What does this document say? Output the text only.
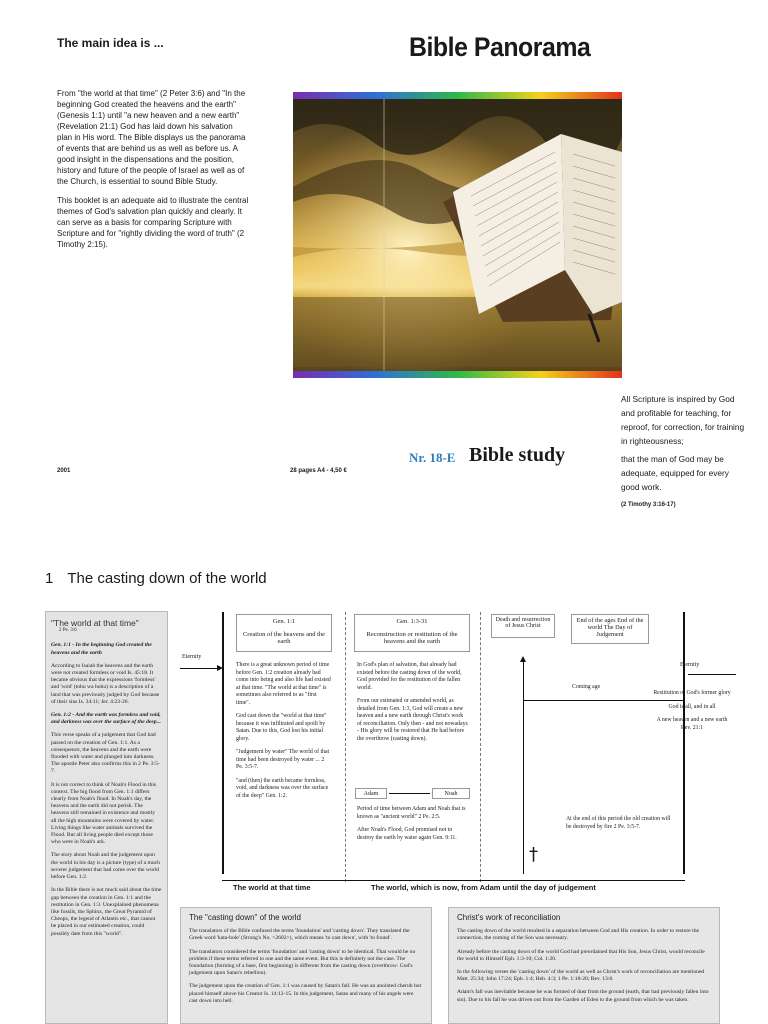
The main idea is ...	Bible Panorama

From "the world at that time" (2 Peter 3:6) and "In the beginning God created the heavens and the earth" (Genesis 1:1) until "a new heaven and a new earth" (Revelation 21:1) God has laid down his salvation plan in His word. The Bible displays us the panorama of events that are behind us as well as before us. A good insight in the dispensations and the position, history and future of the people of Israel as well as of the Church, is essential to sound Bible Study.

This booklet is an adequate aid to illustrate the central themes of God's salvation plan quickly and clearly. It can serve as a basis for comparing Scripture with Scripture and for "rightly dividing the word of truth" (2 Timothy 2:15).

All Scripture is inspired by God and profitable for teaching, for reproof, for correction, for training in righteousness;

that the man of God may be adequate, equipped for every good work.

(2 Timothy 3:16-17)
Nr. 18-E Bible study
2001	28 pages A4 - 4,50 €
1 The casting down of the world
"The world at that time"
2 Pe. 3:6

Gen. 1:1 - In the beginning God created the heavens and the earth

According to Isaiah the heavens and the earth were not created formless or void Is. 45:18. It became obvious that the expressions 'formless' and 'void' (tohu wa bohu) is a description of a land that was previously judged by God because of their sins Is. 34:11; Jer. 4:23-26.

Gen. 1:2 - And the earth was formless and void, and darkness was over the surface of the deep...

This verse speaks of a judgement that God had passed on the creation of Gen. 1:1. As a consequence, the heavens and the earth were flooded with water and plunged into darkness. The apostle Peter also confirms this in 2 Pe. 3:5-7.

It is not correct to think of Noah's Flood in this context. The big flood from Gen. 1:1 differs clearly from Noah's flood. In Noah's day, the heavens and the earth did not perish. The heavens still remained in existence and mostly all the high mountains were covered by water. Living things like water animals survived the Flood. But all living people died except those who were in Noah's ark.

The story about Noah and the judgement upon the world in his day is a picture (type) of a much severer judgement that had come over the world before Gen. 1:2.

In the Bible there is not much said about the time gap between the creation in Gen. 1:1 and the restitution in Gen. 1:3. Unexplained phenomena like fossils, the Sphinx, the Great Pyramid of Cheops, the legend of Atlantis etc., that cannot be placed in our estimated creation, could possibly date from this "world".

Eternity
Gen. 1:1
Creation of the heavens and the earth
Gen. 1:3-31
Reconstruction or restitution of the heavens and the earth
Death and resurrection of Jesus Christ
End of the ages End of the world The Day of Judgement

There is a great unknown period of time before Gen. 1:2 creation already had come into being and also life had existed at that time. "The world at that time" is sometimes also referred to as "first time".

God cast down the "world at that time" because it was infiltrated and spoilt by Satan. Due to this, God lost his initial glory.

"Judgement by water" The world of that time had been destroyed by water ... 2 Pe. 3:5-7.

"and (then) the earth became formless, void, and darkness was over the surface of the deep" Gen. 1:2.

In God's plan of salvation, that already had existed before the casting down of the world, God provided for the restitution of the fallen world.

From our estimated or amended world, as detailed from Gen. 1:3, God will create a new heaven and a new earth through Christ's work of reconciliation. Only then - and not nowadays - His glory will be restored that He had before the overthrow (casting down).

Adam	Noah

Period of time between Adam and Noah that is known as "ancient world" 2 Pe. 2:5.

After Noah's Flood, God promised not to destroy the earth by water again Gen. 9:11.

Coming age
At the end of this period the old creation will be destroyed by fire 2 Pe. 3:5-7.
†
Eternity

Restitution of God's former glory

God is all, and in all

A new heaven and a new earth Rev. 21:1

The world at that time	The world, which is now, from Adam until the day of judgement
The "casting down" of the world

The translators of the Bible confused the terms 'foundation' and 'casting down'. They translated the Greek word 'kata-bole' (Strong's No. <2602>), which means 'to cast down', with 'to found'.

The translators considered the terms 'foundation' and 'casting down' to be identical. That would be no problem if these terms referred to one and the same event. But this is definitely not the case. The foundation (forming of a base, first beginning) is different from the casting down (overthrow: God's judgement upon Satan's rebellion).

The judgement upon the creation of Gen. 1:1 was caused by Satan's fall. He was an anointed cherub but placed himself above his Creator Is. 14:12-15. In this judgement, Satan and many of his angels were cast down into hell.

Christ's work of reconciliation

The casting down of the world resulted in a separation between God and His creation. In order to restore the connection, the coming of the Son was necessary.

Already before the casting down of the world God had preordained that His Son, Jesus Christ, would reconcile the world to Himself Eph. 1:3-10; Col. 1:20.

In the following verses the 'casting down' of the world as well as Christ's work of reconciliation are mentioned Matt. 25:34; John 17:24; Eph. 1:4; Heb. 4:3; 1 Pe. 1:18-20; Rev. 13:8.

Adam's fall was inevitable because he was formed of dust from the ground (earth, that had previously fallen into sin). Due to his fall he was driven out from the Garden of Eden to the ground from which he was taken.
